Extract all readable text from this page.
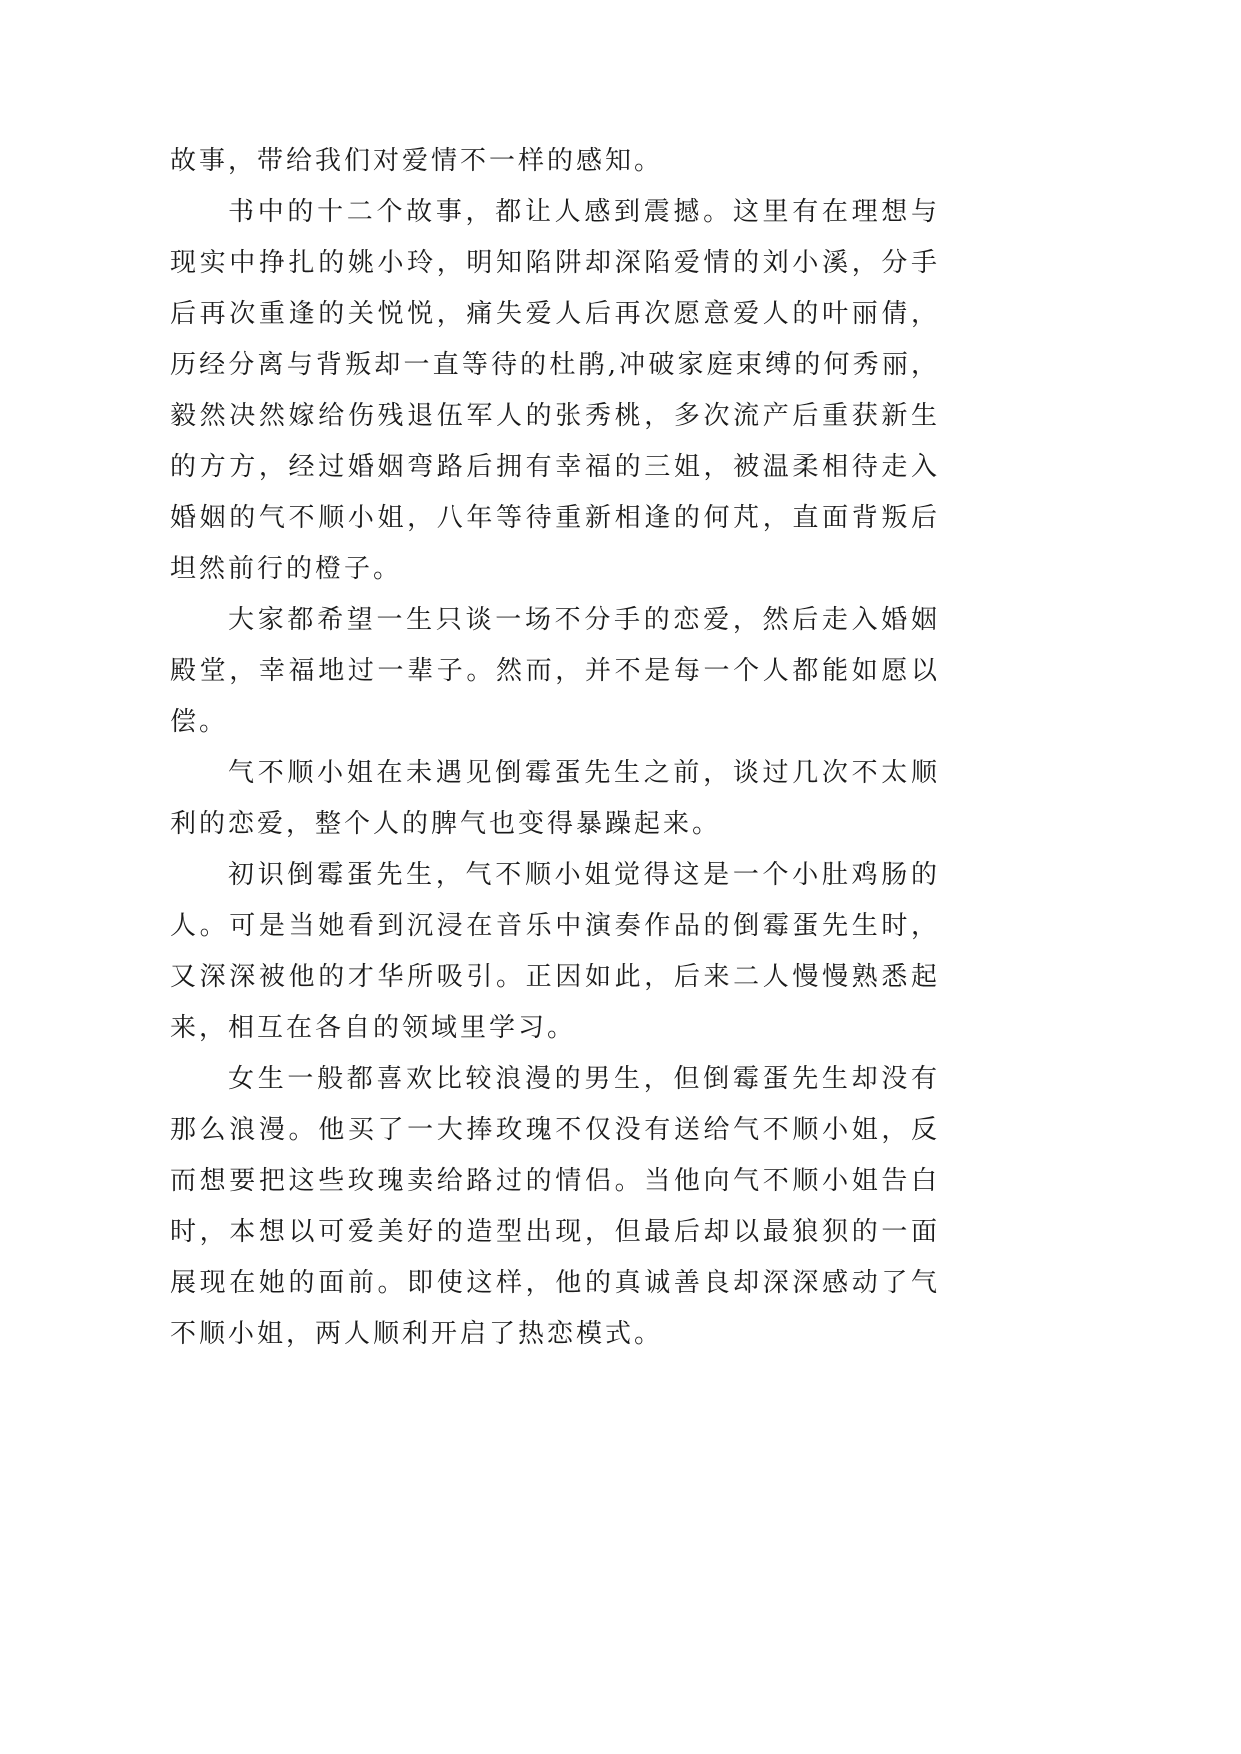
故事，带给我们对爱情不一样的感知。

书中的十二个故事，都让人感到震撼。这里有在理想与现实中挣扎的姚小玲，明知陷阱却深陷爱情的刘小溪，分手后再次重逢的关悦悦，痛失爱人后再次愿意爱人的叶丽倩，历经分离与背叛却一直等待的杜鹃,冲破家庭束缚的何秀丽，毅然决然嫁给伤残退伍军人的张秀桃，多次流产后重获新生的方方，经过婚姻弯路后拥有幸福的三姐，被温柔相待走入婚姻的气不顺小姐，八年等待重新相逢的何芃，直面背叛后坦然前行的橙子。

大家都希望一生只谈一场不分手的恋爱，然后走入婚姻殿堂，幸福地过一辈子。然而，并不是每一个人都能如愿以偿。

气不顺小姐在未遇见倒霉蛋先生之前，谈过几次不太顺利的恋爱，整个人的脾气也变得暴躁起来。

初识倒霉蛋先生，气不顺小姐觉得这是一个小肚鸡肠的人。可是当她看到沉浸在音乐中演奏作品的倒霉蛋先生时，又深深被他的才华所吸引。正因如此，后来二人慢慢熟悉起来，相互在各自的领域里学习。

女生一般都喜欢比较浪漫的男生，但倒霉蛋先生却没有那么浪漫。他买了一大捧玫瑰不仅没有送给气不顺小姐，反而想要把这些玫瑰卖给路过的情侣。当他向气不顺小姐告白时，本想以可爱美好的造型出现，但最后却以最狼狈的一面展现在她的面前。即使这样，他的真诚善良却深深感动了气不顺小姐，两人顺利开启了热恋模式。
